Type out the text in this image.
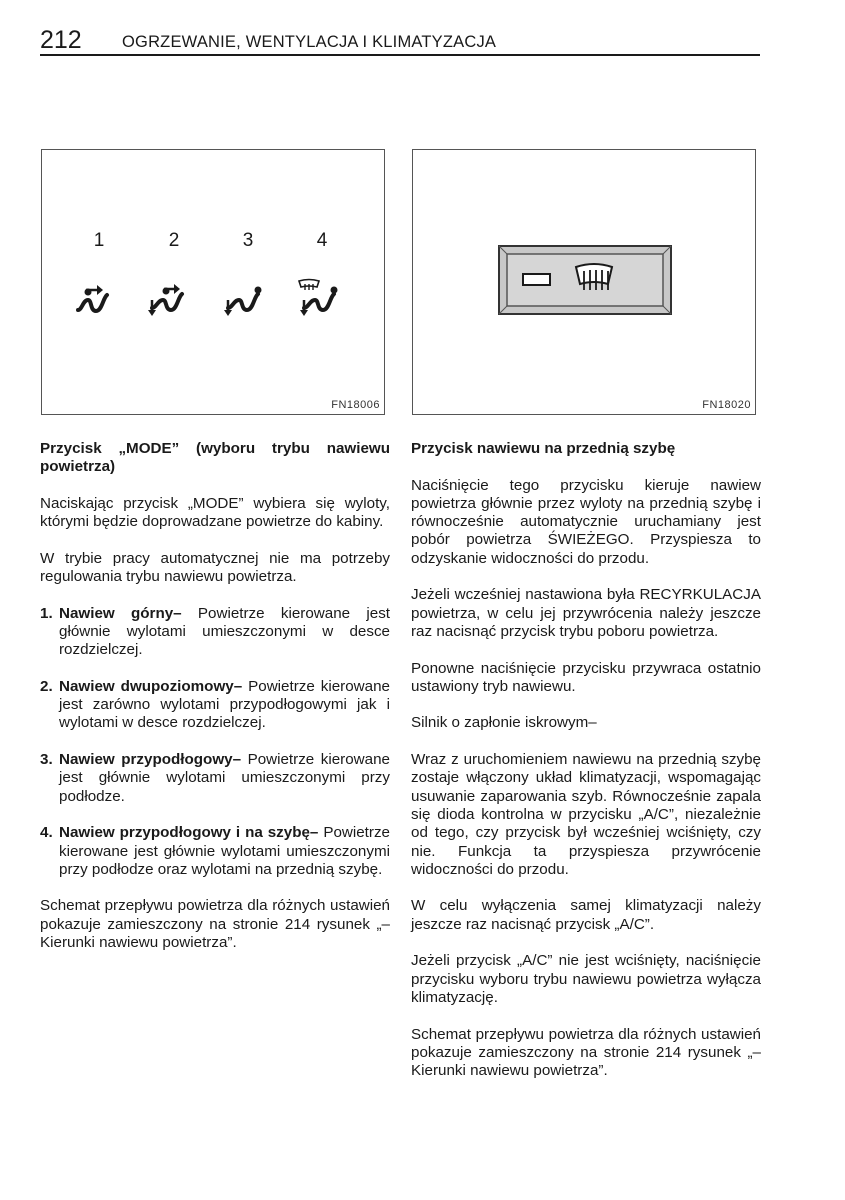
212 OGRZEWANIE, WENTYLACJA I KLIMATYZACJA
1	2	3	4
FN18006	FN18020

Przycisk „MODE” (wyboru trybu nawiewu powietrza)

Naciskając przycisk „MODE” wybiera się wyloty, którymi będzie doprowadzane powietrze do kabiny.

W trybie pracy automatycznej nie ma potrzeby regulowania trybu nawiewu powietrza.

1. Nawiew górny– Powietrze kierowane jest głównie wylotami umieszczonymi w desce rozdzielczej.
2. Nawiew dwupoziomowy– Powietrze kierowane jest zarówno wylotami przypodłogowymi jak i wylotami w desce rozdzielczej.
3. Nawiew przypodłogowy– Powietrze kierowane jest głównie wylotami umieszczonymi przy podłodze.
4. Nawiew przypodłogowy i na szybę– Powietrze kierowane jest głównie wylotami umieszczonymi przy podłodze oraz wylotami na przednią szybę.

Schemat przepływu powietrza dla różnych ustawień pokazuje zamieszczony na stronie 214 rysunek „–Kierunki nawiewu powietrza”.

Przycisk nawiewu na przednią szybę

Naciśnięcie tego przycisku kieruje nawiew powietrza głównie przez wyloty na przednią szybę i równocześnie automatycznie uruchamiany jest pobór powietrza ŚWIEŻEGO. Przyspiesza to odzyskanie widoczności do przodu.

Jeżeli wcześniej nastawiona była RECYRKULACJA powietrza, w celu jej przywrócenia należy jeszcze raz nacisnąć przycisk trybu poboru powietrza.

Ponowne naciśnięcie przycisku przywraca ostatnio ustawiony tryb nawiewu.

Silnik o zapłonie iskrowym–

Wraz z uruchomieniem nawiewu na przednią szybę zostaje włączony układ klimatyzacji, wspomagając usuwanie zaparowania szyb. Równocześnie zapala się dioda kontrolna w przycisku „A/C”, niezależnie od tego, czy przycisk był wcześniej wciśnięty, czy nie. Funkcja ta przyspiesza przywrócenie widoczności do przodu.

W celu wyłączenia samej klimatyzacji należy jeszcze raz nacisnąć przycisk „A/C”.

Jeżeli przycisk „A/C” nie jest wciśnięty, naciśnięcie przycisku wyboru trybu nawiewu powietrza wyłącza klimatyzację.

Schemat przepływu powietrza dla różnych ustawień pokazuje zamieszczony na stronie 214 rysunek „–Kierunki nawiewu powietrza”.
